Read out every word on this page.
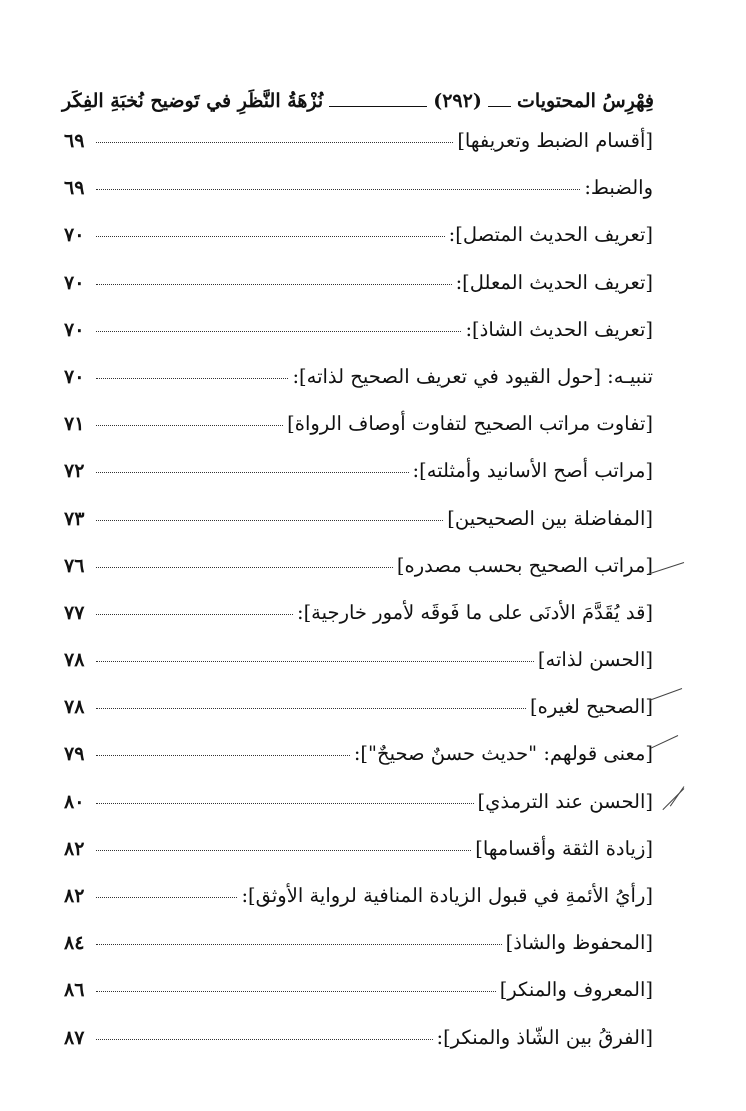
فِهْرِسُ المحتويات
(٢٩٢)
نُزْهَةُ النَّظَرِ في تَوضيح نُخبَةِ الفِكَر
[أقسام الضبط وتعريفها]
٦٩
والضبط:
٦٩
[تعريف الحديث المتصل]:
٧٠
[تعريف الحديث المعلل]:
٧٠
[تعريف الحديث الشاذ]:
٧٠
تنبيـه: [حول القيود في تعريف الصحيح لذاته]:
٧٠
[تفاوت مراتب الصحيح لتفاوت أوصاف الرواة]
٧١
[مراتب أصح الأسانيد وأمثلته]:
٧٢
[المفاضلة بين الصحيحين]
٧٣
[مراتب الصحيح بحسب مصدره]
٧٦
[قد يُقَدَّمَ الأدنَى على ما فَوقَه لأمور خارجية]:
٧٧
[الحسن لذاته]
٧٨
[الصحيح لغيره]
٧٨
[معنى قولهم: "حديث حسنٌ صحيحٌ"]:
٧٩
[الحسن عند الترمذي]
٨٠
[زيادة الثقة وأقسامها]
٨٢
[رأيُ الأئمةِ في قبول الزيادة المنافية لرواية الأوثق]:
٨٢
[المحفوظ والشاذ]
٨٤
[المعروف والمنكر]
٨٦
[الفرقُ بين الشّاذ والمنكر]:
٨٧
